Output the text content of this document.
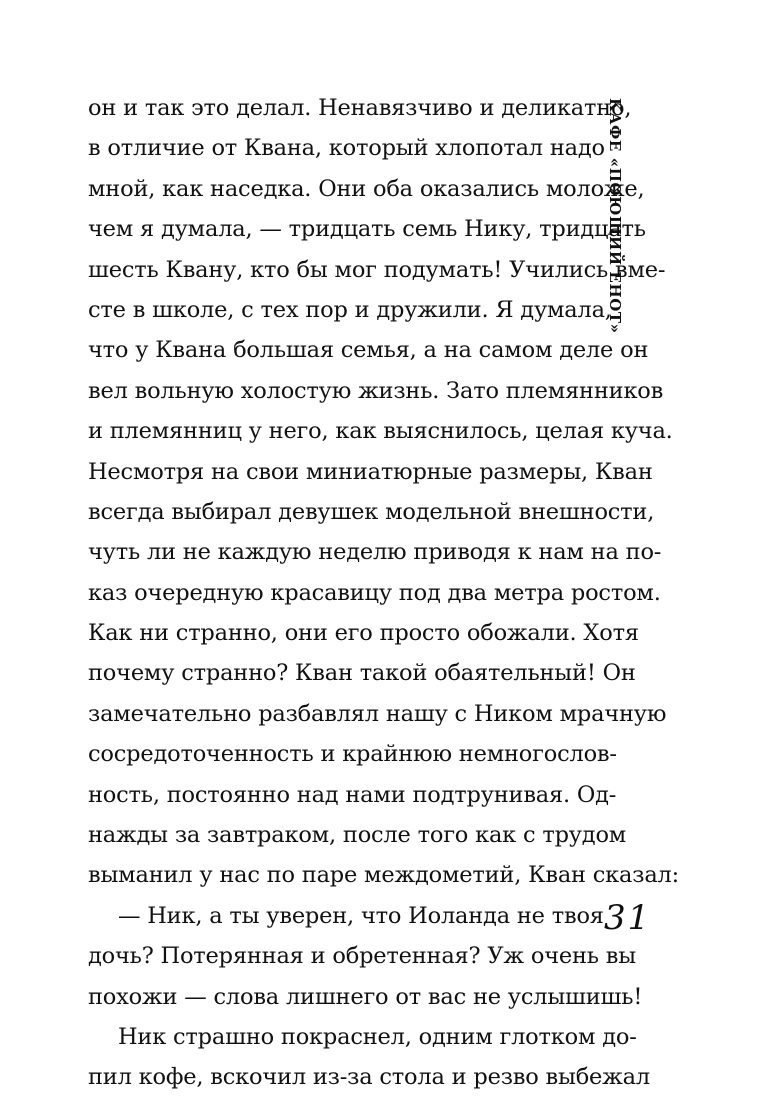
он и так это делал. Ненавязчиво и деликатно,
в отличие от Квана, который хлопотал надо
мной, как наседка. Они оба оказались моложе,
чем я думала, — тридцать семь Нику, тридцать
шесть Квану, кто бы мог подумать! Учились вме-
сте в школе, с тех пор и дружили. Я думала,
что у Квана большая семья, а на самом деле он
вел вольную холостую жизнь. Зато племянников
и племянниц у него, как выяснилось, целая куча.
Несмотря на свои миниатюрные размеры, Кван
всегда выбирал девушек модельной внешности,
чуть ли не каждую неделю приводя к нам на по-
каз очередную красавицу под два метра ростом.
Как ни странно, они его просто обожали. Хотя
почему странно? Кван такой обаятельный! Он
замечательно разбавлял нашу с Ником мрачную
сосредоточенность и крайнюю немногослов-
ность, постоянно над нами подтрунивая. Од-
нажды за завтраком, после того как с трудом
выманил у нас по паре междометий, Кван сказал:
— Ник, а ты уверен, что Иоланда не твоя
дочь? Потерянная и обретенная? Уж очень вы
похожи — слова лишнего от вас не услышишь!
Ник страшно покраснел, одним глотком до-
пил кофе, вскочил из-за стола и резво выбежал
КАФЕ «ПОЮЩИЙ ЕНОТ»
31
